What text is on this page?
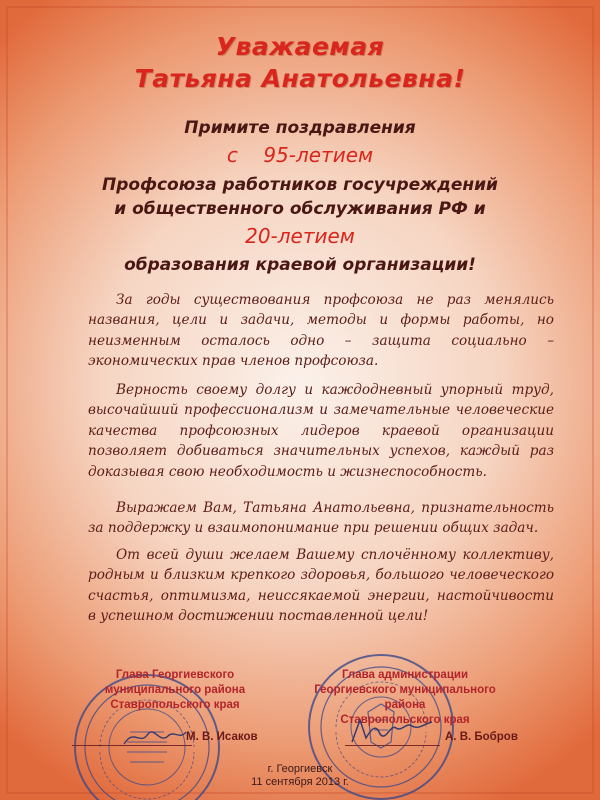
Уважаемая
Татьяна Анатольевна!
Примите поздравления
с 95-летием
Профсоюза работников госучреждений
и общественного обслуживания РФ и
20-летием
образования краевой организации!

За годы существования профсоюза не раз менялись названия, цели и задачи, методы и формы работы, но неизменным осталось одно – защита социально – экономических прав членов профсоюза.

Верность своему долгу и каждодневный упорный труд, высочайший профессионализм и замечательные человеческие качества профсоюзных лидеров краевой организации позволяет добиваться значительных успехов, каждый раз доказывая свою необходимость и жизнеспособность.

Выражаем Вам, Татьяна Анатольевна, признательность за поддержку и взаимопонимание при решении общих задач.

От всей души желаем Вашему сплочённому коллективу, родным и близким крепкого здоровья, большого человеческого счастья, оптимизма, неиссякаемой энергии, настойчивости в успешном достижении поставленной цели!

Глава Георгиевского
муниципального района
Ставропольского края
М. В. Исаков
Глава администрации
Георгиевского муниципального района
Ставропольского края
А. В. Бобров
г. Георгиевск
11 сентября 2013 г.
